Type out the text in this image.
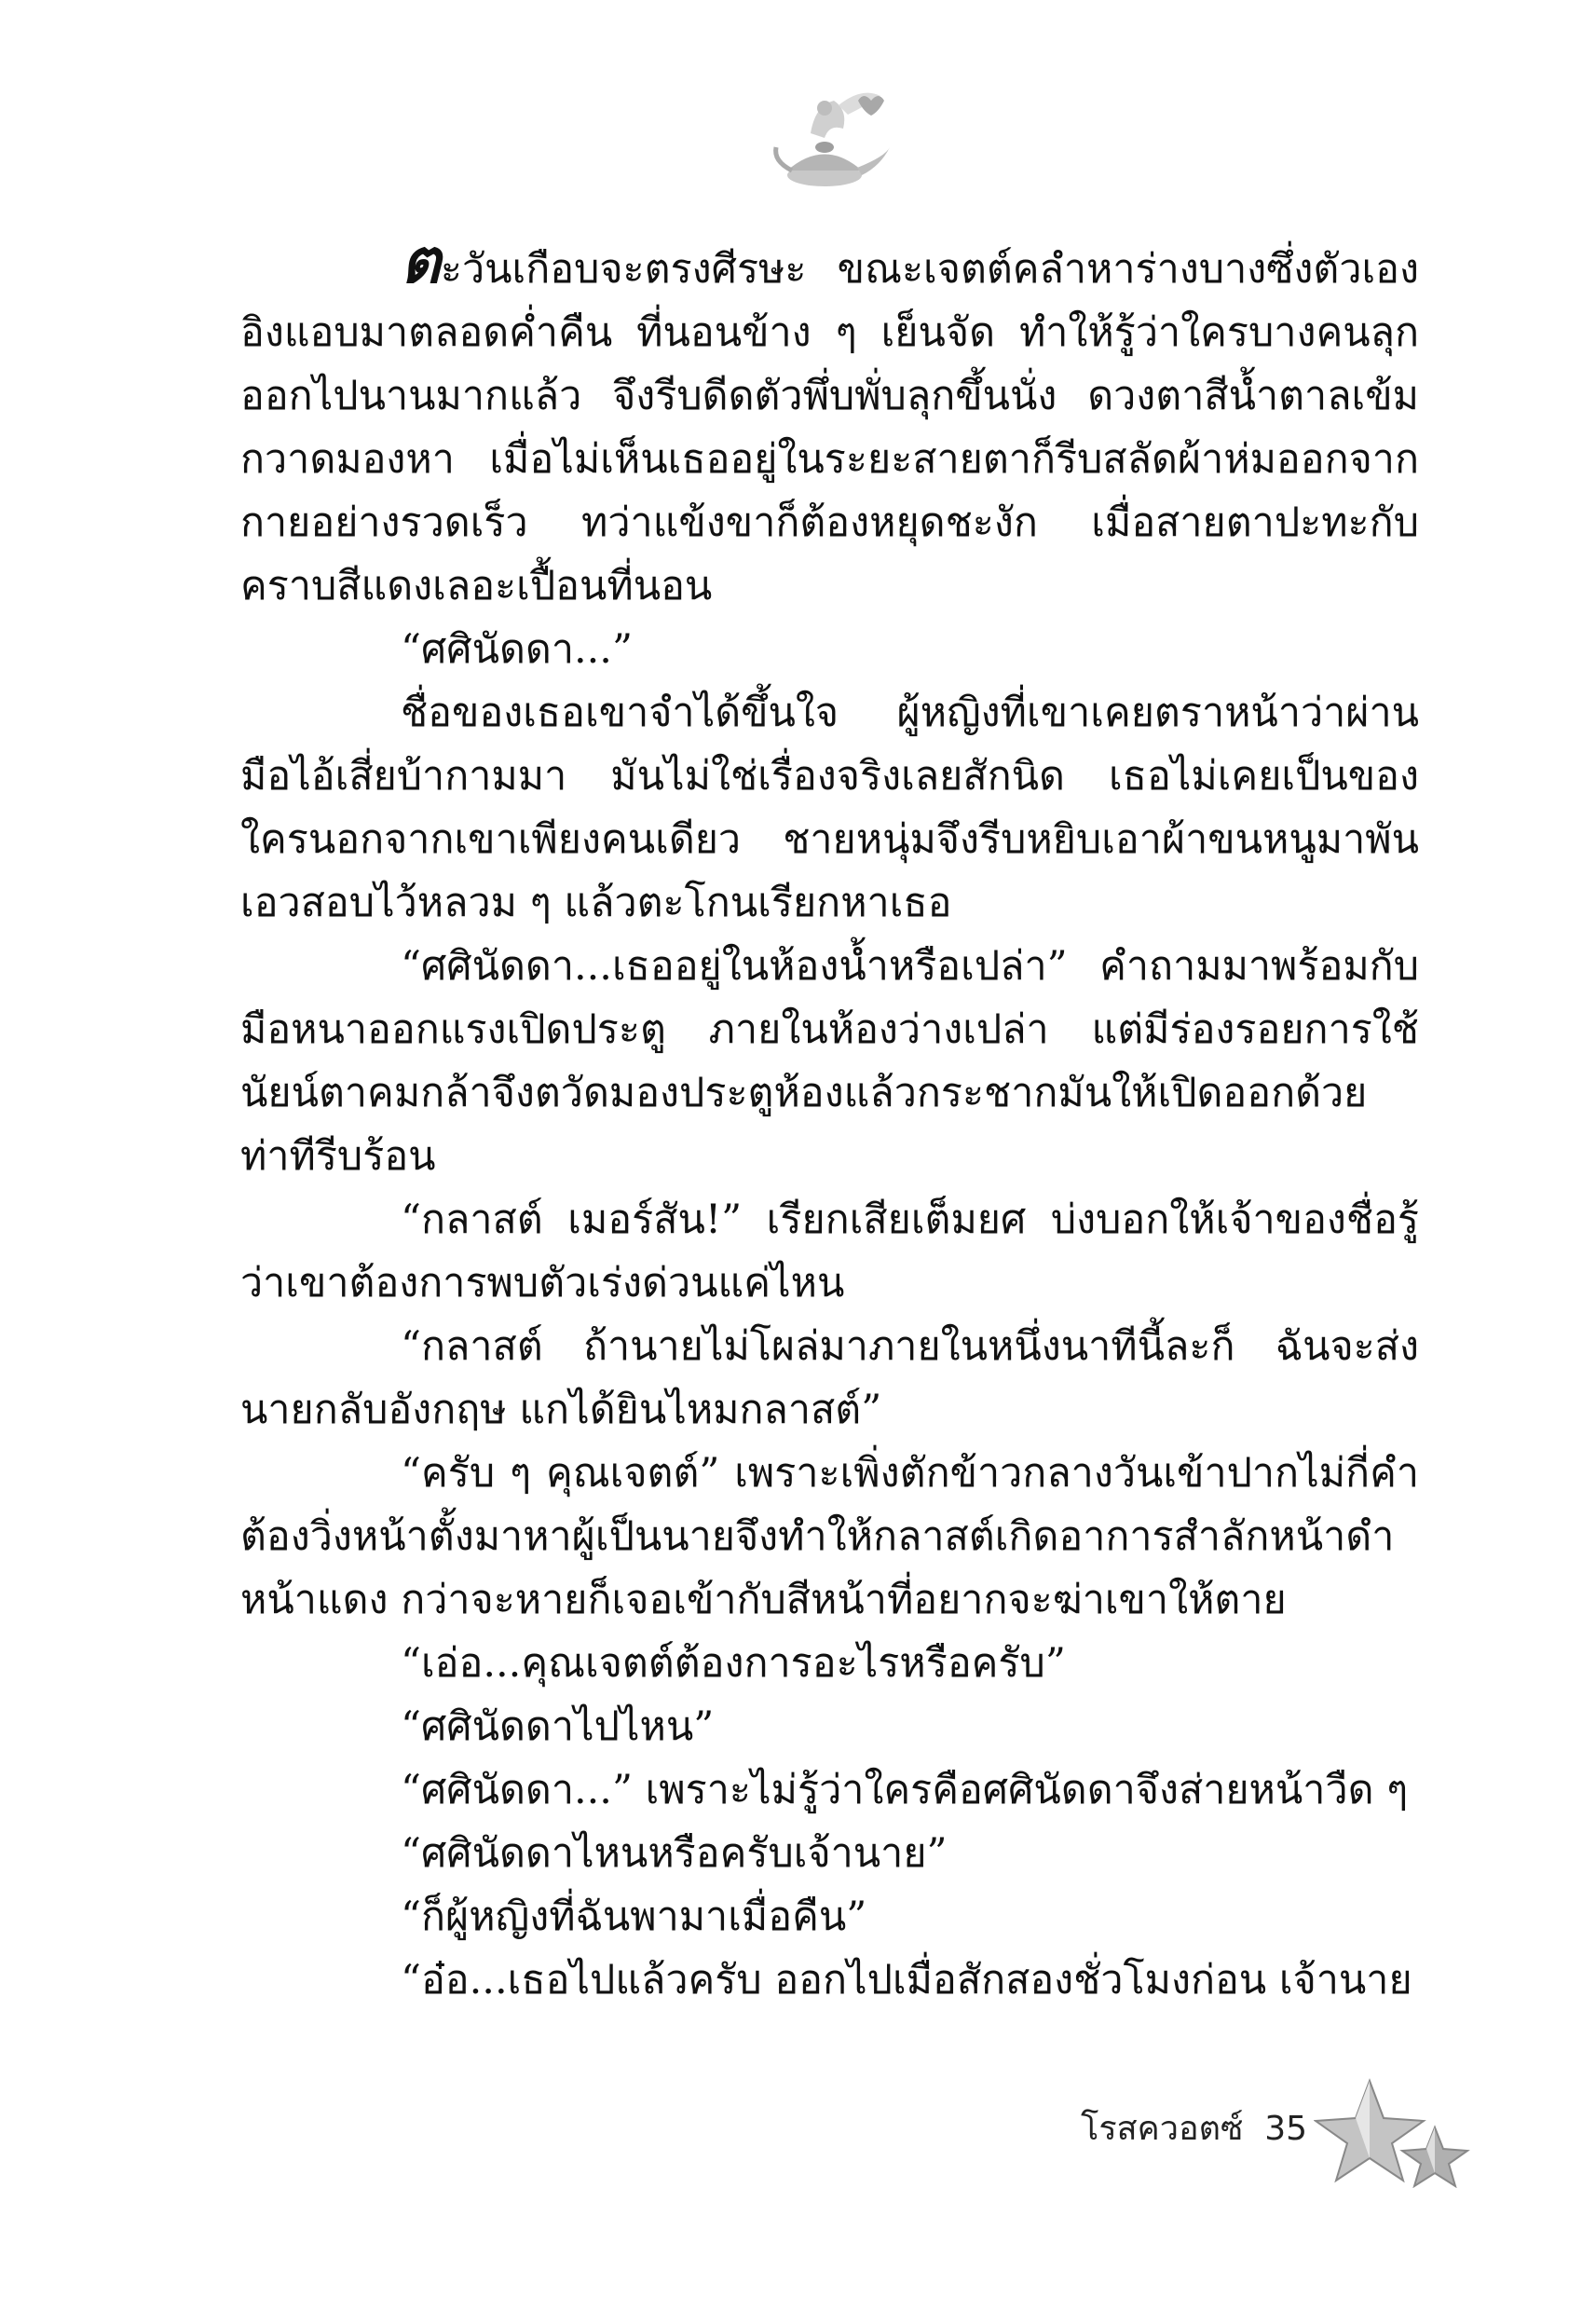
ตะวันเกือบจะตรงศีรษะ ขณะเจตต์คลำหาร่างบางซึ่งตัวเองอิงแอบมาตลอดค่ำคืน ที่นอนข้าง ๆ เย็นจัด ทำให้รู้ว่าใครบางคนลุกออกไปนานมากแล้ว จึงรีบดีดตัวพึ่บพั่บลุกขึ้นนั่ง ดวงตาสีน้ำตาลเข้มกวาดมองหา เมื่อไม่เห็นเธออยู่ในระยะสายตาก็รีบสลัดผ้าห่มออกจากกายอย่างรวดเร็ว ทว่าแข้งขาก็ต้องหยุดชะงัก เมื่อสายตาปะทะกับคราบสีแดงเลอะเปื้อนที่นอน

“ศศินัดดา...”

ชื่อของเธอเขาจำได้ขึ้นใจ ผู้หญิงที่เขาเคยตราหน้าว่าผ่านมือไอ้เสี่ยบ้ากามมา มันไม่ใช่เรื่องจริงเลยสักนิด เธอไม่เคยเป็นของใครนอกจากเขาเพียงคนเดียว ชายหนุ่มจึงรีบหยิบเอาผ้าขนหนูมาพันเอวสอบไว้หลวม ๆ แล้วตะโกนเรียกหาเธอ

“ศศินัดดา...เธออยู่ในห้องน้ำหรือเปล่า” คำถามมาพร้อมกับมือหนาออกแรงเปิดประตู ภายในห้องว่างเปล่า แต่มีร่องรอยการใช้นัยน์ตาคมกล้าจึงตวัดมองประตูห้องแล้วกระชากมันให้เปิดออกด้วยท่าทีรีบร้อน

“กลาสต์ เมอร์สัน!” เรียกเสียเต็มยศ บ่งบอกให้เจ้าของชื่อรู้ว่าเขาต้องการพบตัวเร่งด่วนแค่ไหน

“กลาสต์ ถ้านายไม่โผล่มาภายในหนึ่งนาทีนี้ละก็ ฉันจะส่งนายกลับอังกฤษ แกได้ยินไหมกลาสต์”

“ครับ ๆ คุณเจตต์” เพราะเพิ่งตักข้าวกลางวันเข้าปากไม่กี่คำต้องวิ่งหน้าตั้งมาหาผู้เป็นนายจึงทำให้กลาสต์เกิดอาการสำลักหน้าดำหน้าแดง กว่าจะหายก็เจอเข้ากับสีหน้าที่อยากจะฆ่าเขาให้ตาย

“เอ่อ...คุณเจตต์ต้องการอะไรหรือครับ”

“ศศินัดดาไปไหน”

“ศศินัดดา...” เพราะไม่รู้ว่าใครคือศศินัดดาจึงส่ายหน้าวืด ๆ

“ศศินัดดาไหนหรือครับเจ้านาย”

“ก็ผู้หญิงที่ฉันพามาเมื่อคืน”

“อ๋อ...เธอไปแล้วครับ ออกไปเมื่อสักสองชั่วโมงก่อน เจ้านาย

โรสควอตซ์ 35
